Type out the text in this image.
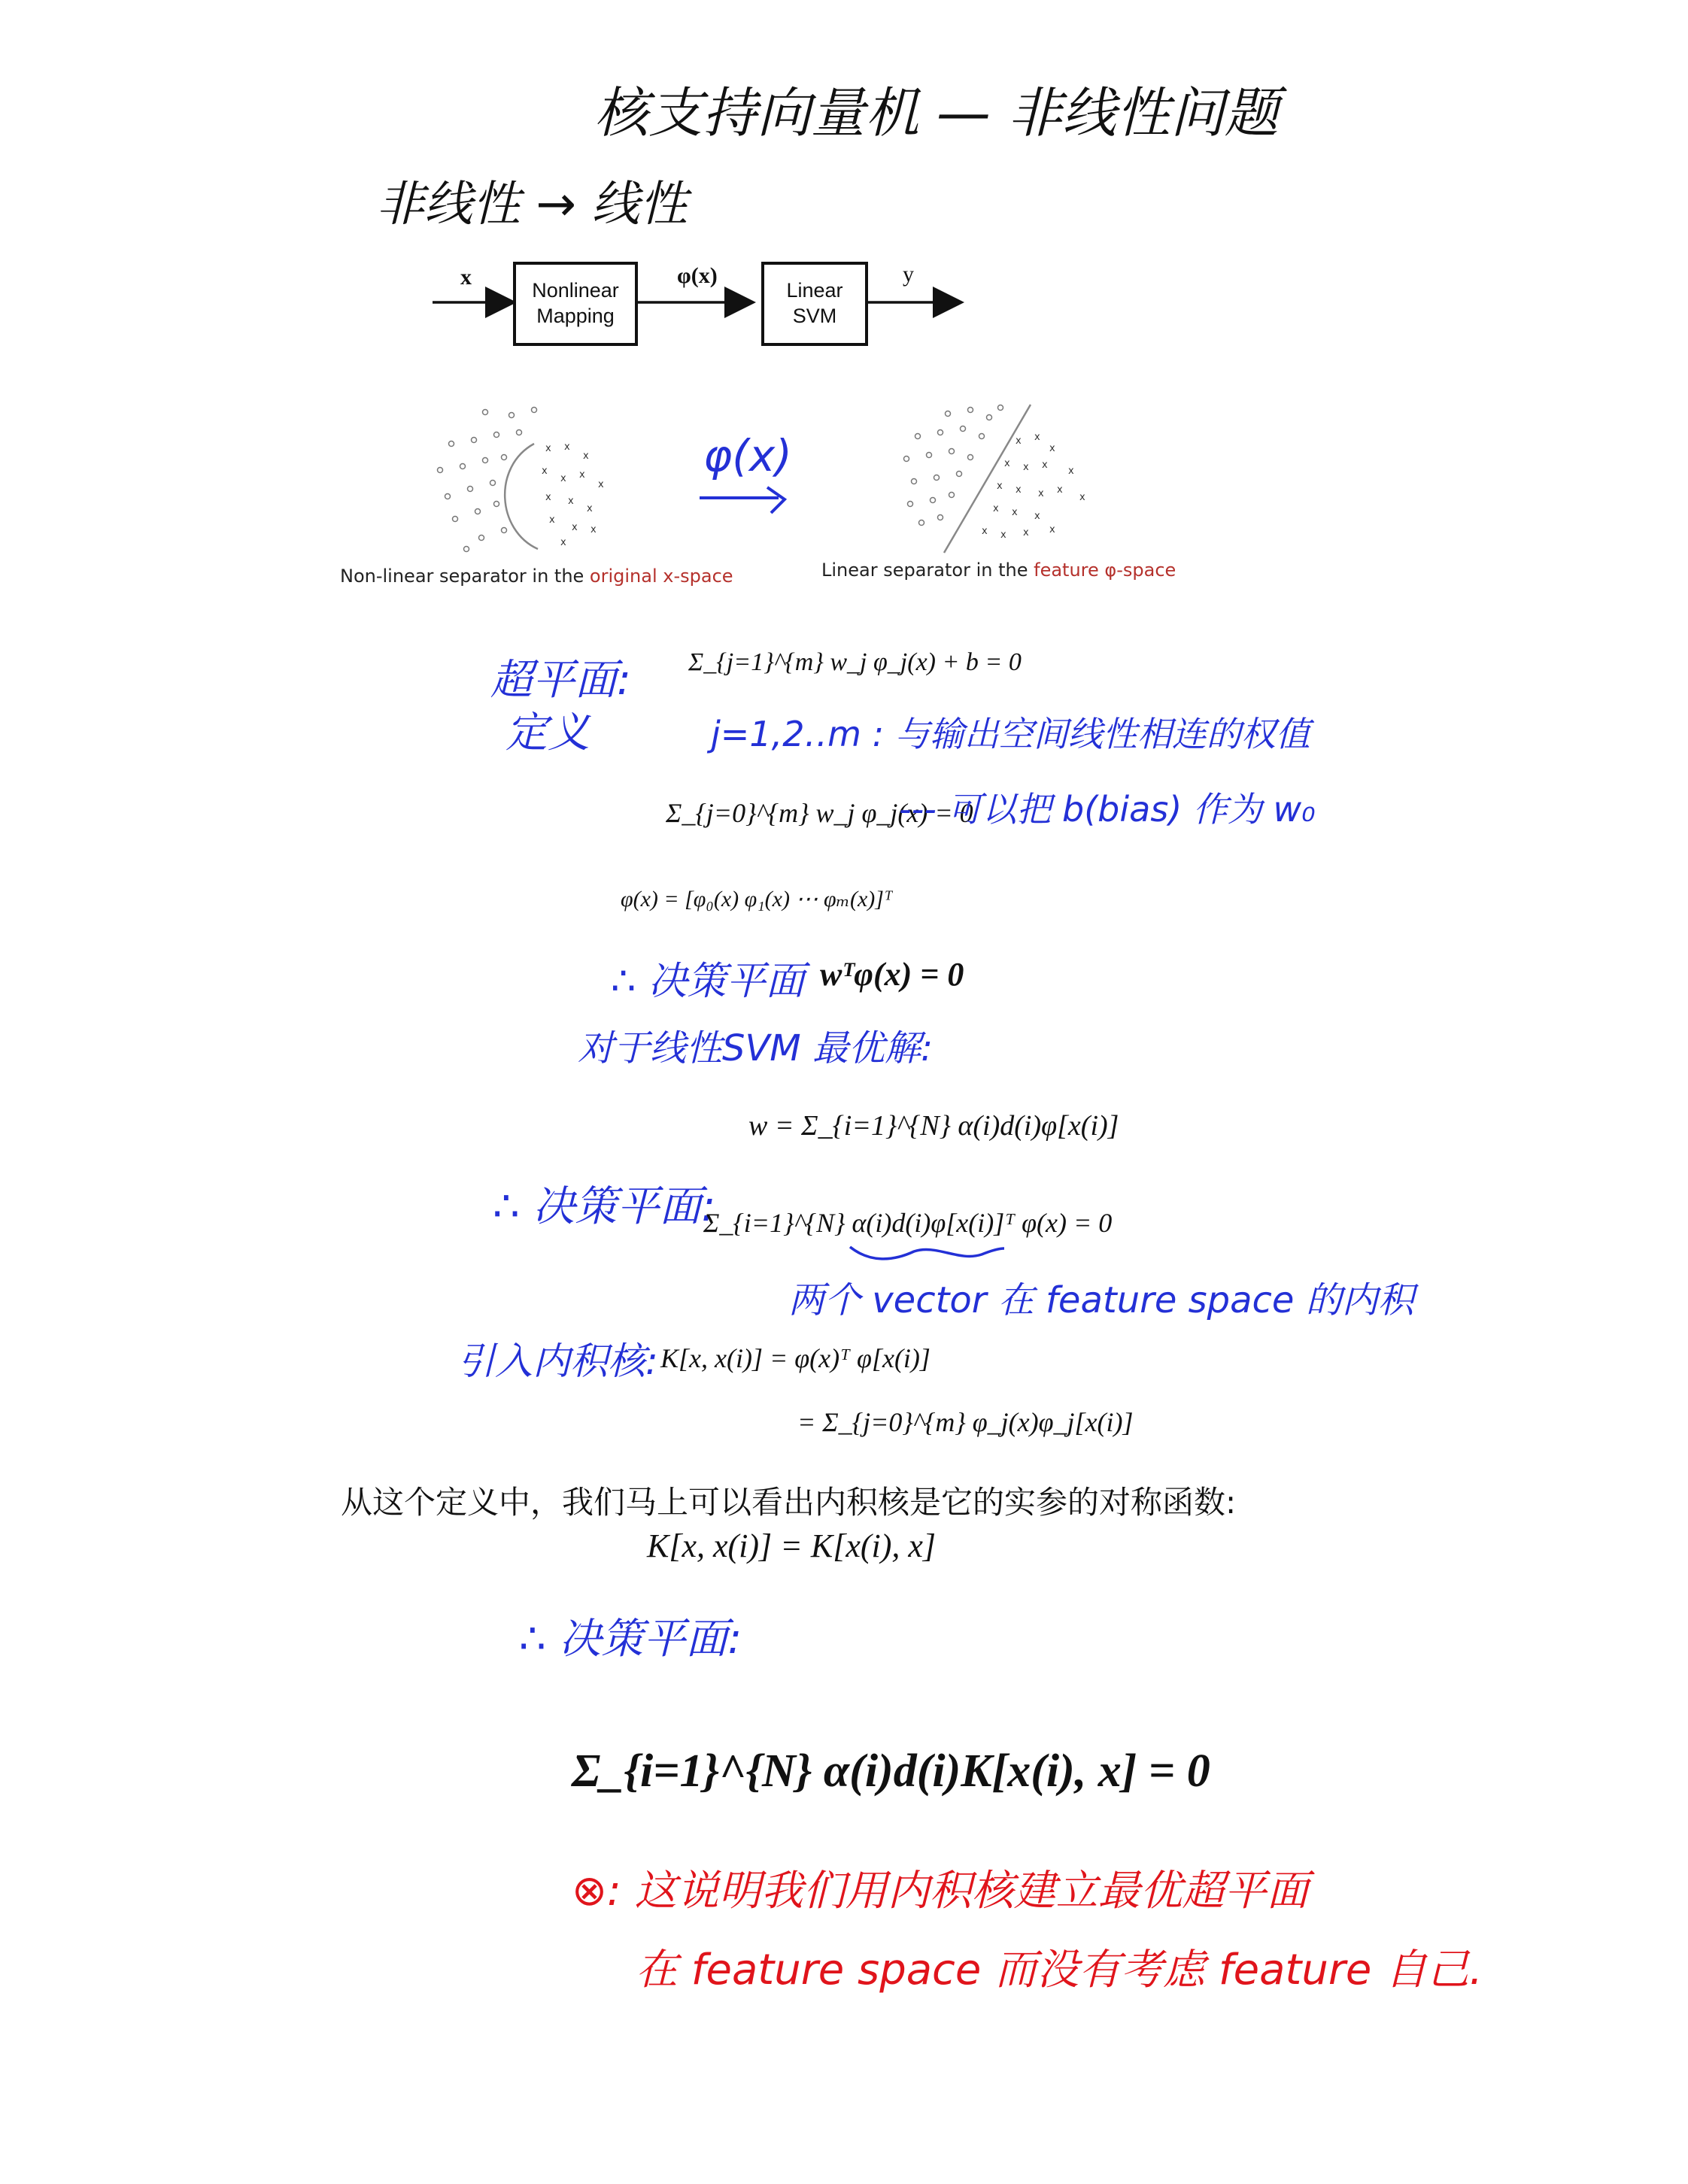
核支持向量机 — 非线性问题
非线性 → 线性
x
Nonlinear
Mapping
φ(x)
Linear
SVM
y
x x
x
x
x x
x
x x
x
x
x x
x
Non-linear separator in the original x-space
φ(x)	x x
x
x x x
x
x x x x
x x x
x
x x x x
Linear separator in the feature φ-space
超平面:
定义
Σ_{j=1}^{m} w_j φ_j(x) + b = 0
j=1,2‥m : 与输出空间线性相连的权值
Σ_{j=0}^{m} w_j φ_j(x) = 0
--- 可以把 b(bias) 作为 w₀
φ(x) = [φ₀(x) φ₁(x) ⋯ φₘ(x)]ᵀ
∴ 决策平面 wᵀφ(x) = 0
对于线性SVM 最优解:
w = Σ_{i=1}^{N} α(i)d(i)φ[x(i)]
∴ 决策平面:
Σ_{i=1}^{N} α(i)d(i)φ[x(i)]ᵀ φ(x) = 0
两个 vector 在 feature space 的内积
引入内积核: K[x, x(i)] = φ(x)ᵀ φ[x(i)]
= Σ_{j=0}^{m} φ_j(x)φ_j[x(i)]
从这个定义中，我们马上可以看出内积核是它的实参的对称函数:
K[x, x(i)] = K[x(i), x]
∴ 决策平面:
Σ_{i=1}^{N} α(i)d(i)K[x(i), x] = 0
⊗: 这说明我们用内积核建立最优超平面
在 feature space 而没有考虑 feature 自己.
